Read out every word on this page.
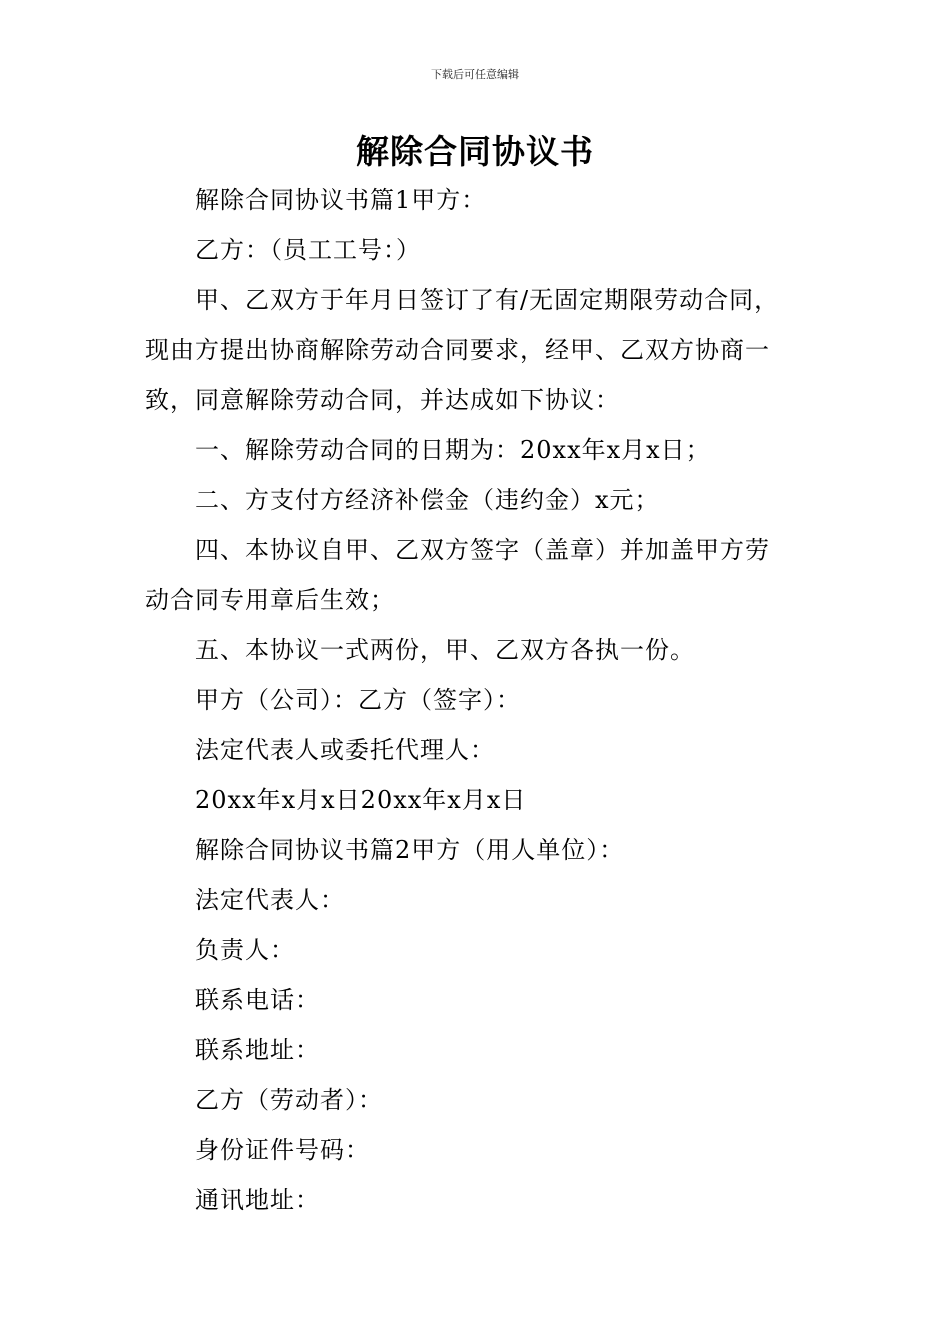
下载后可任意编辑
解除合同协议书
解除合同协议书篇1甲方：
乙方：（员工工号：）
甲、乙双方于年月日签订了有/无固定期限劳动合同，
现由方提出协商解除劳动合同要求，经甲、乙双方协商一
致，同意解除劳动合同，并达成如下协议：
一、解除劳动合同的日期为：20xx年x月x日；
二、方支付方经济补偿金（违约金）x元；
四、本协议自甲、乙双方签字（盖章）并加盖甲方劳
动合同专用章后生效；
五、本协议一式两份，甲、乙双方各执一份。
甲方（公司）：乙方（签字）：
法定代表人或委托代理人：
20xx年x月x日20xx年x月x日
解除合同协议书篇2甲方（用人单位）：
法定代表人：
负责人：
联系电话：
联系地址：
乙方（劳动者）：
身份证件号码：
通讯地址：
